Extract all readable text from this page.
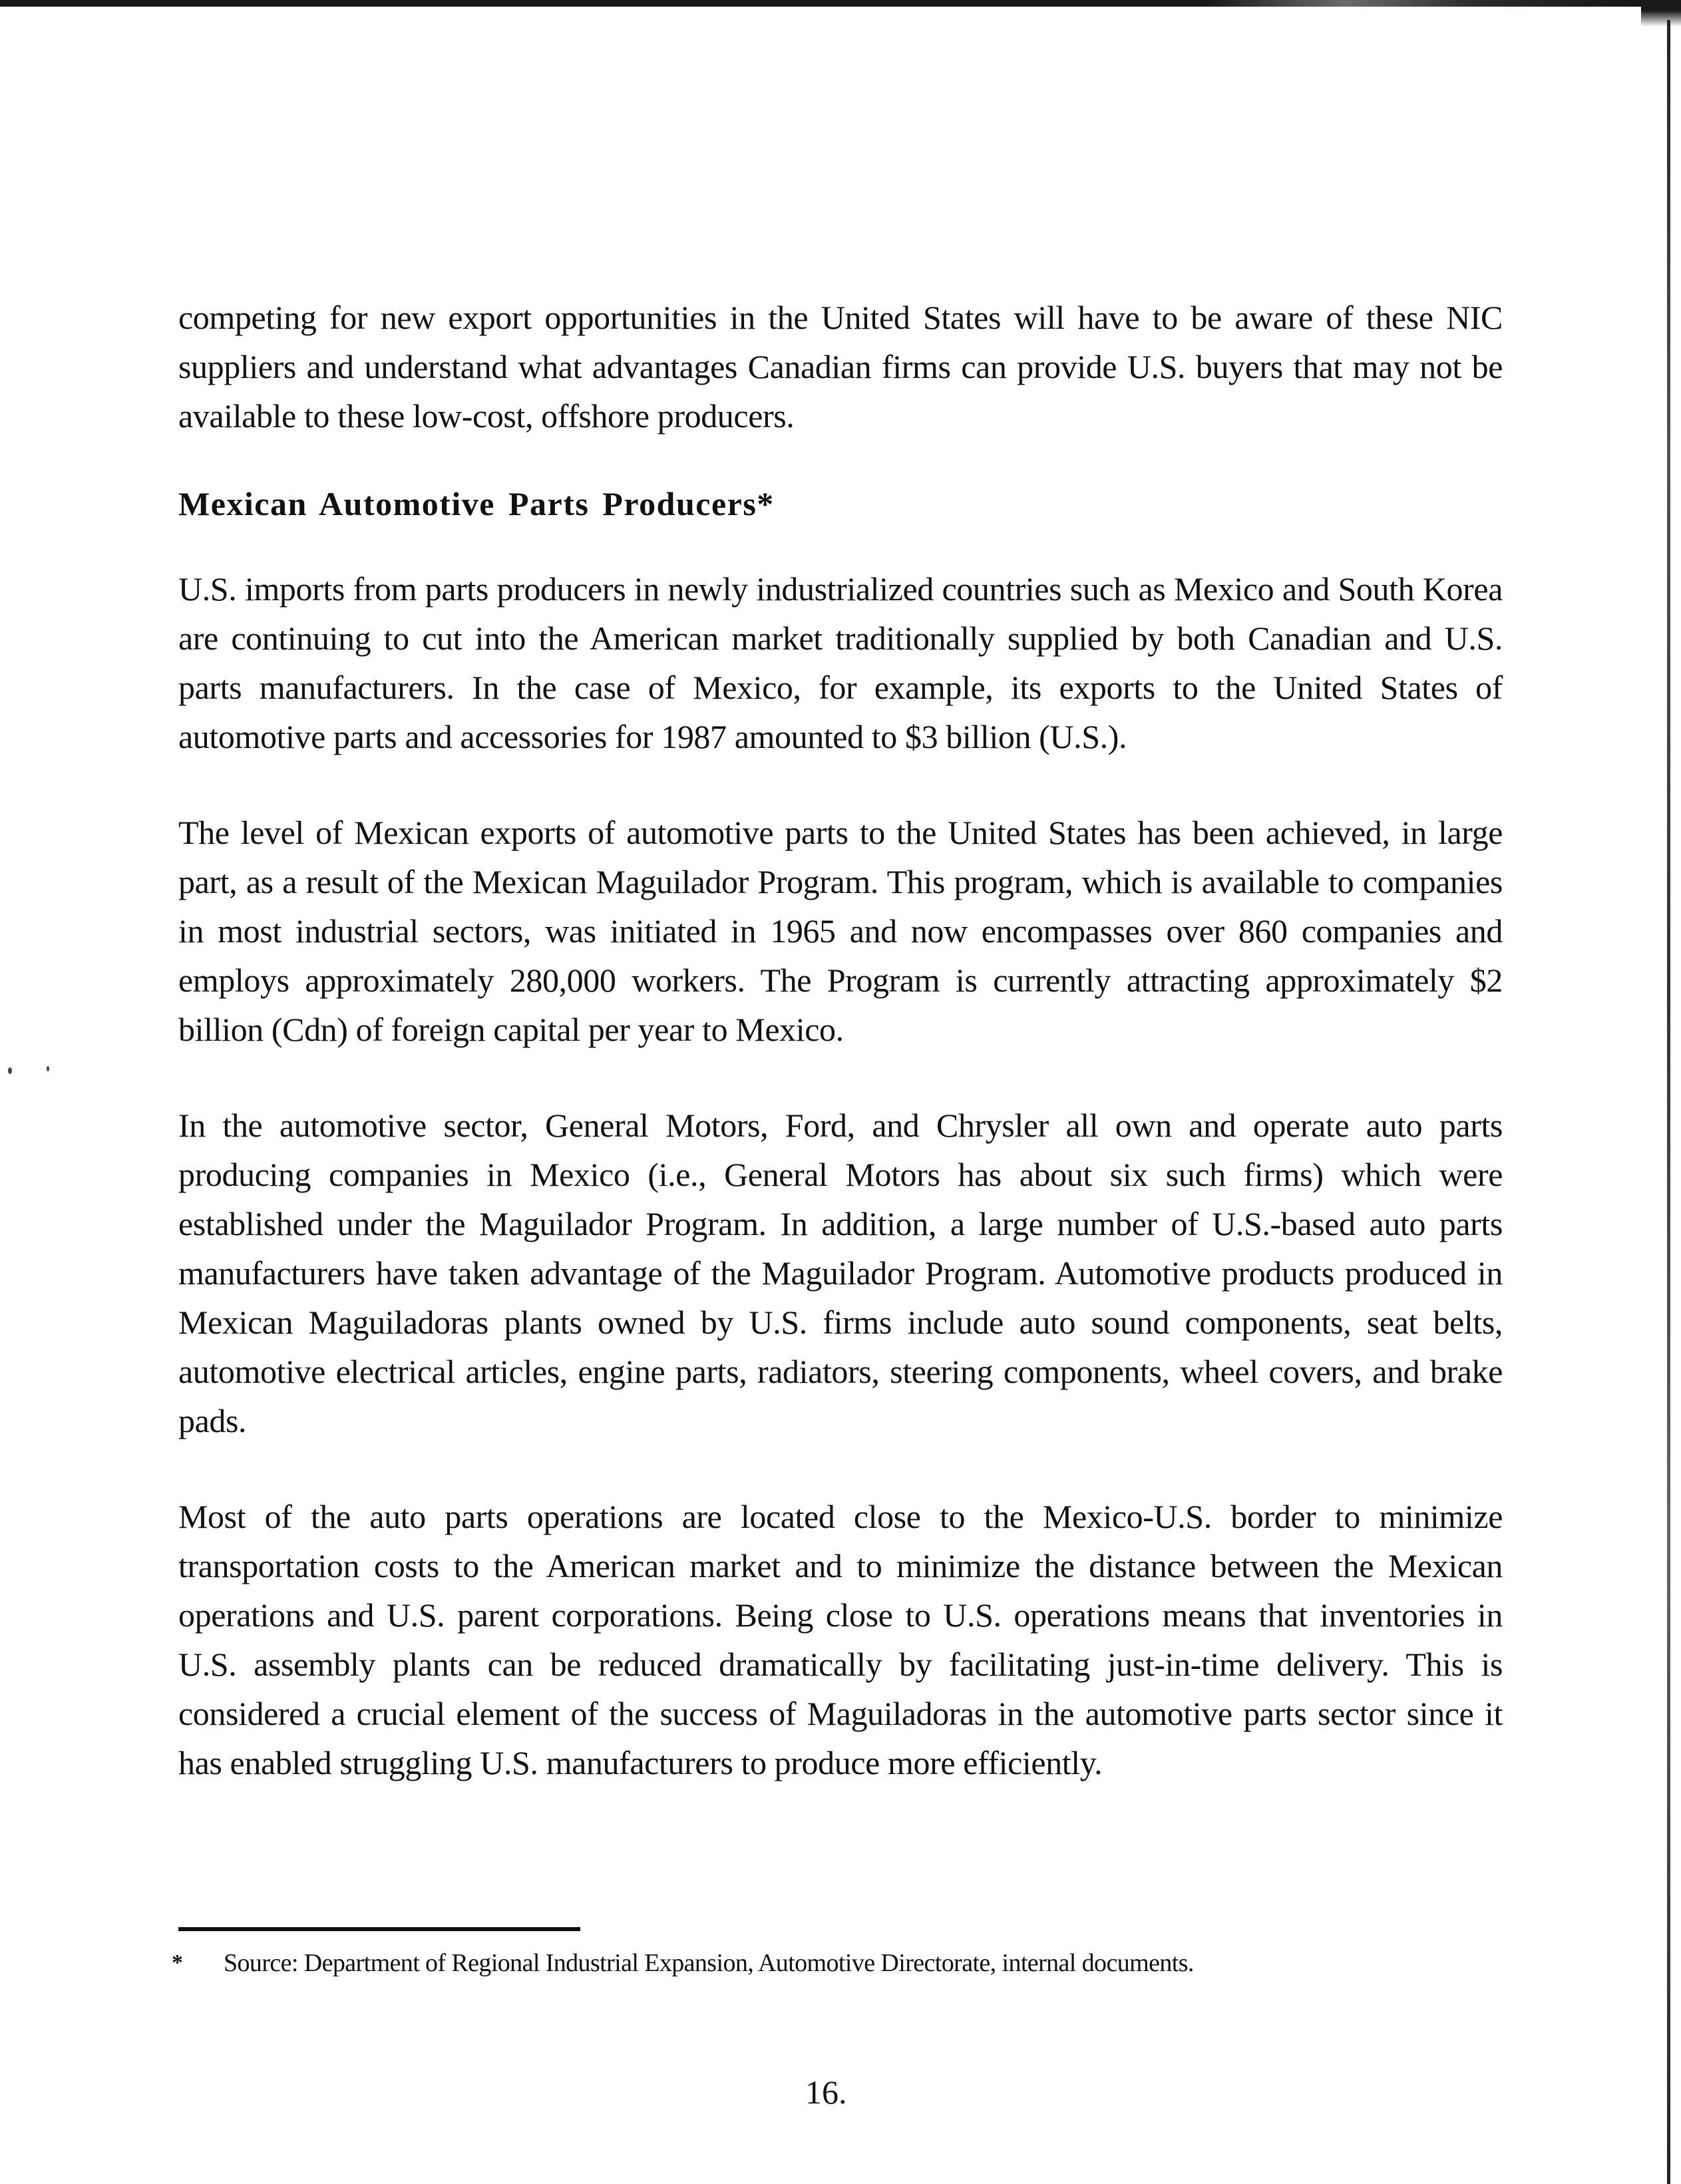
competing for new export opportunities in the United States will have to be aware of these NIC suppliers and understand what advantages Canadian firms can provide U.S. buyers that may not be available to these low-cost, offshore producers.

Mexican Automotive Parts Producers*

U.S. imports from parts producers in newly industrialized countries such as Mexico and South Korea are continuing to cut into the American market traditionally supplied by both Canadian and U.S. parts manufacturers. In the case of Mexico, for example, its exports to the United States of automotive parts and accessories for 1987 amounted to $3 billion (U.S.).

The level of Mexican exports of automotive parts to the United States has been achieved, in large part, as a result of the Mexican Maguilador Program. This program, which is available to companies in most industrial sectors, was initiated in 1965 and now encompasses over 860 companies and employs approximately 280,000 workers. The Program is currently attracting approximately $2 billion (Cdn) of foreign capital per year to Mexico.

In the automotive sector, General Motors, Ford, and Chrysler all own and operate auto parts producing companies in Mexico (i.e., General Motors has about six such firms) which were established under the Maguilador Program. In addition, a large number of U.S.-based auto parts manufacturers have taken advantage of the Maguilador Program. Automotive products produced in Mexican Maguiladoras plants owned by U.S. firms include auto sound components, seat belts, automotive electrical articles, engine parts, radiators, steering components, wheel covers, and brake pads.

Most of the auto parts operations are located close to the Mexico-U.S. border to minimize transportation costs to the American market and to minimize the distance between the Mexican operations and U.S. parent corporations. Being close to U.S. operations means that inventories in U.S. assembly plants can be reduced dramatically by facilitating just-in-time delivery. This is considered a crucial element of the success of Maguiladoras in the automotive parts sector since it has enabled struggling U.S. manufacturers to produce more efficiently.

* Source: Department of Regional Industrial Expansion, Automotive Directorate, internal documents.
16.
